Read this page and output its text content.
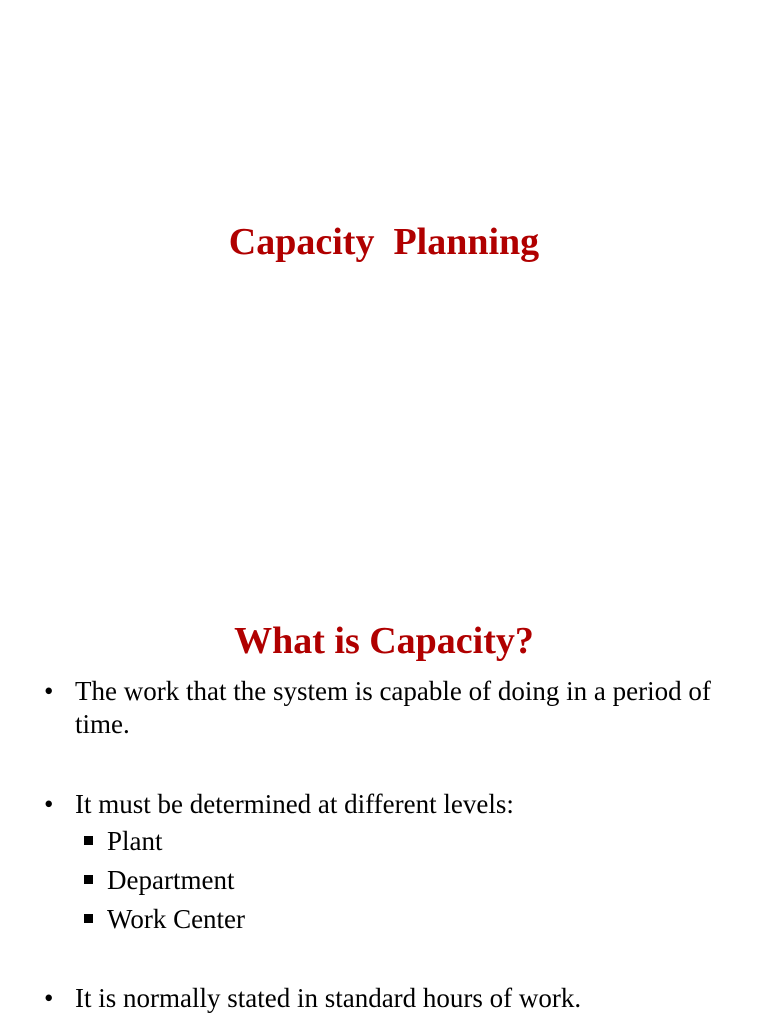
Capacity  Planning
What is Capacity?
• The work that the system is capable of doing in a period of time.
• It must be determined at different levels:
Plant
Department
Work Center
• It is normally stated in standard hours of work.
